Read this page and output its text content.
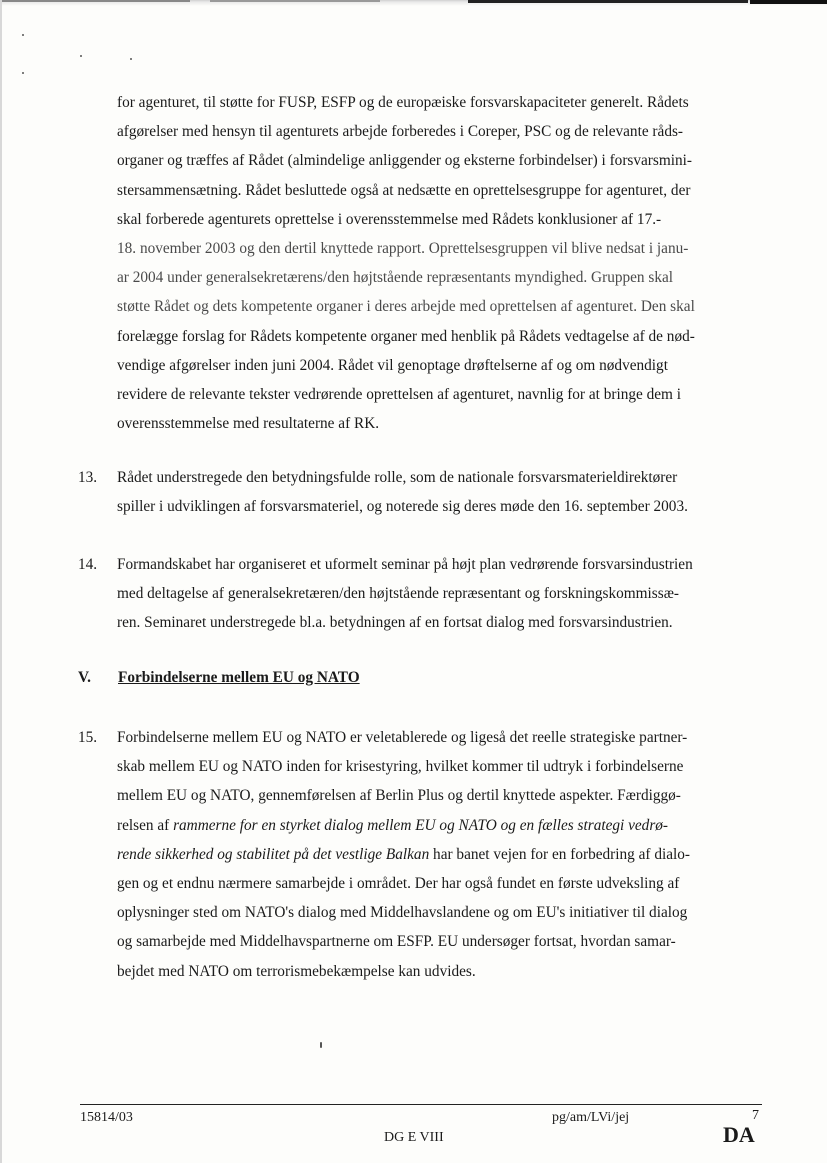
for agenturet, til støtte for FUSP, ESFP og de europæiske forsvarskapaciteter generelt. Rådets

afgørelser med hensyn til agenturets arbejde forberedes i Coreper, PSC og de relevante råds-

organer og træffes af Rådet (almindelige anliggender og eksterne forbindelser) i forsvarsmini-

stersammensætning. Rådet besluttede også at nedsætte en oprettelsesgruppe for agenturet, der

skal forberede agenturets oprettelse i overensstemmelse med Rådets konklusioner af 17.-

18. november 2003 og den dertil knyttede rapport. Oprettelsesgruppen vil blive nedsat i janu-

ar 2004 under generalsekretærens/den højtstående repræsentants myndighed. Gruppen skal

støtte Rådet og dets kompetente organer i deres arbejde med oprettelsen af agenturet. Den skal

forelægge forslag for Rådets kompetente organer med henblik på Rådets vedtagelse af de nød-

vendige afgørelser inden juni 2004. Rådet vil genoptage drøftelserne af og om nødvendigt

revidere de relevante tekster vedrørende oprettelsen af agenturet, navnlig for at bringe dem i

overensstemmelse med resultaterne af RK.

13. Rådet understregede den betydningsfulde rolle, som de nationale forsvarsmaterieldirektører

spiller i udviklingen af forsvarsmateriel, og noterede sig deres møde den 16. september 2003.

14. Formandskabet har organiseret et uformelt seminar på højt plan vedrørende forsvarsindustrien

med deltagelse af generalsekretæren/den højtstående repræsentant og forskningskommissæ-

ren. Seminaret understregede bl.a. betydningen af en fortsat dialog med forsvarsindustrien.

V. Forbindelserne mellem EU og NATO
15. Forbindelserne mellem EU og NATO er veletablerede og ligeså det reelle strategiske partner-

skab mellem EU og NATO inden for krisestyring, hvilket kommer til udtryk i forbindelserne

mellem EU og NATO, gennemførelsen af Berlin Plus og dertil knyttede aspekter. Færdiggø-

relsen af rammerne for en styrket dialog mellem EU og NATO og en fælles strategi vedrø-

rende sikkerhed og stabilitet på det vestlige Balkan har banet vejen for en forbedring af dialo-

gen og et endnu nærmere samarbejde i området. Der har også fundet en første udveksling af

oplysninger sted om NATO's dialog med Middelhavslandene og om EU's initiativer til dialog

og samarbejde med Middelhavspartnerne om ESFP. EU undersøger fortsat, hvordan samar-

bejdet med NATO om terrorismebekæmpelse kan udvides.

15814/03	pg/am/LVi/jej	7
DG E VIII	DA
